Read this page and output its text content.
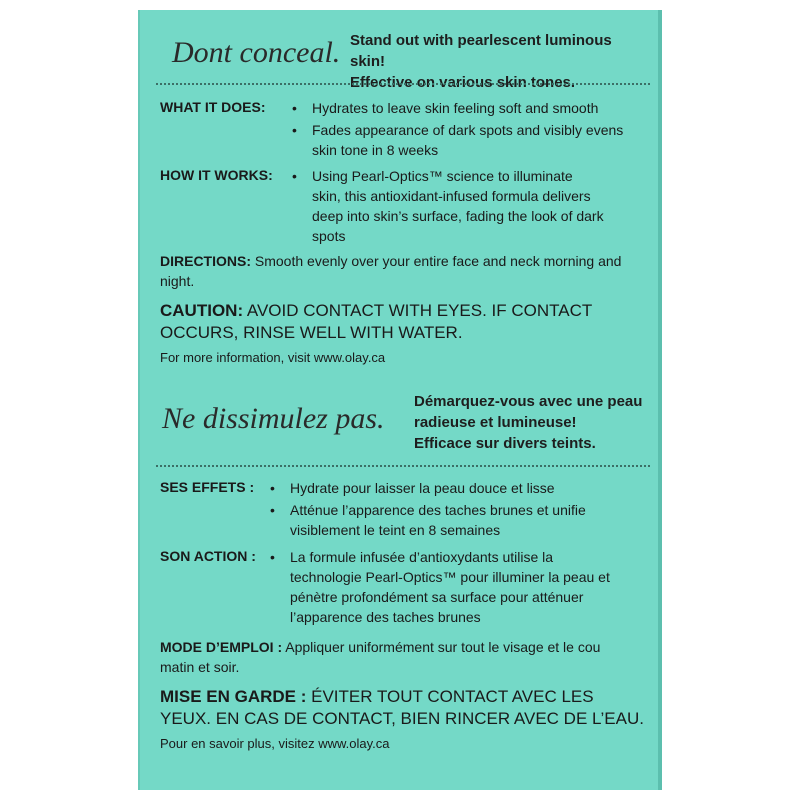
Dont conceal. Stand out with pearlescent luminous skin!
Effective on various skin tones.
WHAT IT DOES: • Hydrates to leave skin feeling soft and smooth
• Fades appearance of dark spots and visibly evens skin tone in 8 weeks
HOW IT WORKS: • Using Pearl-Optics™ science to illuminate skin, this antioxidant-infused formula delivers deep into skin’s surface, fading the look of dark spots
DIRECTIONS: Smooth evenly over your entire face and neck morning and night.
CAUTION: AVOID CONTACT WITH EYES. IF CONTACT OCCURS, RINSE WELL WITH WATER.
For more information, visit www.olay.ca
Ne dissimulez pas.
Démarquez-vous avec une peau
radieuse et lumineuse!
Efficace sur divers teints.
SES EFFETS : • Hydrate pour laisser la peau douce et lisse
• Atténue l’apparence des taches brunes et unifie visiblement le teint en 8 semaines
SON ACTION : • La formule infusée d’antioxydants utilise la technologie Pearl-Optics™ pour illuminer la peau et pénètre profondément sa surface pour atténuer l’apparence des taches brunes
MODE D’EMPLOI : Appliquer uniformément sur tout le visage et le cou matin et soir.
MISE EN GARDE : ÉVITER TOUT CONTACT AVEC LES YEUX. EN CAS DE CONTACT, BIEN RINCER AVEC DE L’EAU.
Pour en savoir plus, visitez www.olay.ca
